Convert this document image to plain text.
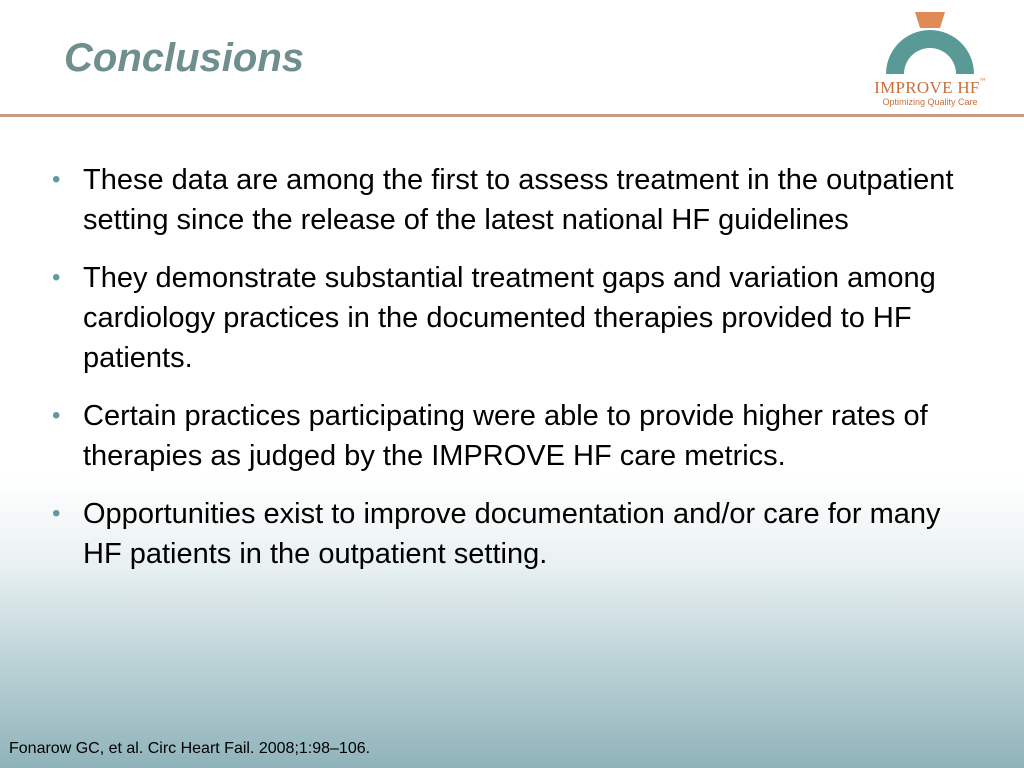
Conclusions
IMPROVE HF™
Optimizing Quality Care
• These data are among the first to assess treatment in the outpatient setting since the release of the latest national HF guidelines
• They demonstrate substantial treatment gaps and variation among cardiology practices in the documented therapies provided to HF patients.
• Certain practices participating were able to provide higher rates of therapies as judged by the IMPROVE HF care metrics.
• Opportunities exist to improve documentation and/or care for many HF patients in the outpatient setting.

Fonarow GC, et al. Circ Heart Fail. 2008;1:98–106.
